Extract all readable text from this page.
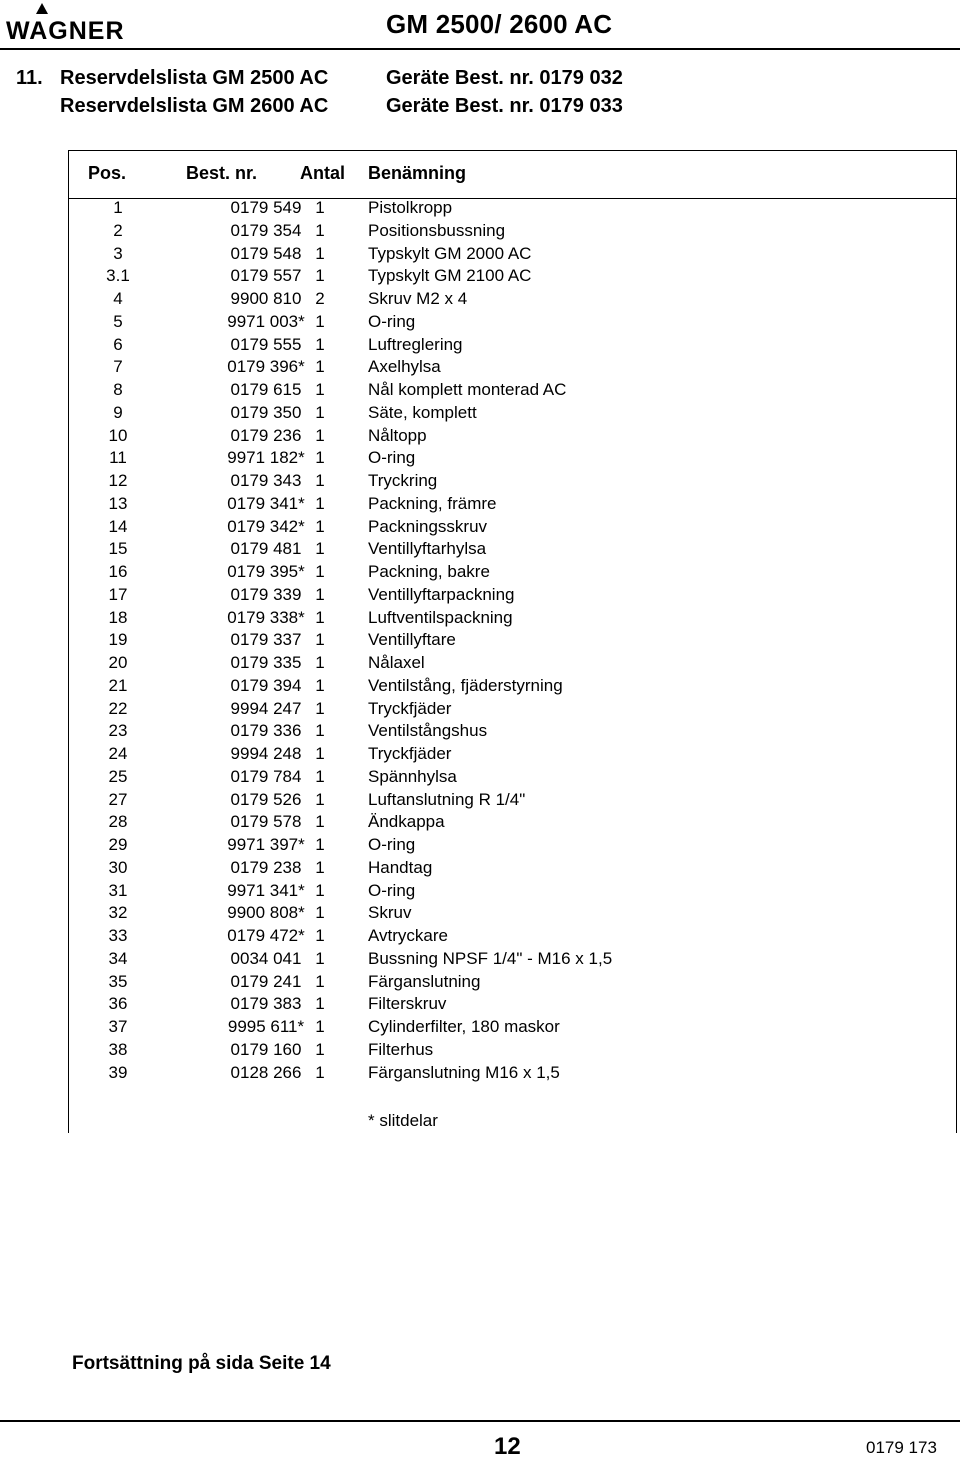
WAGNER	GM 2500/ 2600 AC
11. Reservdelslista GM 2500 AC	Geräte Best. nr. 0179 032
Reservdelslista GM 2600 AC	Geräte Best. nr. 0179 033
Pos.	Best. nr.	Antal	Benämning
1	0179 549 1	Pistolkropp
2	0179 354 1	Positionsbussning
3	0179 548 1	Typskylt GM 2000 AC
3.1	0179 557 1	Typskylt GM 2100 AC
4	9900 810 2	Skruv M2 x 4
5	9971 003* 1	O-ring
6	0179 555 1	Luftreglering
7	0179 396* 1	Axelhylsa
8	0179 615 1	Nål komplett monterad AC
9	0179 350 1	Säte, komplett
10	0179 236 1	Nåltopp
11	9971 182* 1	O-ring
12	0179 343 1	Tryckring
13	0179 341* 1	Packning, främre
14	0179 342* 1	Packningsskruv
15	0179 481 1	Ventillyftarhylsa
16	0179 395* 1	Packning, bakre
17	0179 339 1	Ventillyftarpackning
18	0179 338* 1	Luftventilspackning
19	0179 337 1	Ventillyftare
20	0179 335 1	Nålaxel
21	0179 394 1	Ventilstång, fjäderstyrning
22	9994 247 1	Tryckfjäder
23	0179 336 1	Ventilstångshus
24	9994 248 1	Tryckfjäder
25	0179 784 1	Spännhylsa
27	0179 526 1	Luftanslutning R 1/4"
28	0179 578 1	Ändkappa
29	9971 397* 1	O-ring
30	0179 238 1	Handtag
31	9971 341* 1	O-ring
32	9900 808* 1	Skruv
33	0179 472* 1	Avtryckare
34	0034 041 1	Bussning NPSF 1/4" - M16 x 1,5
35	0179 241 1	Färganslutning
36	0179 383 1	Filterskruv
37	9995 611* 1	Cylinderfilter, 180 maskor
38	0179 160 1	Filterhus
39	0128 266 1	Färganslutning M16 x 1,5
* slitdelar
Fortsättning på sida Seite 14
12	0179 173
